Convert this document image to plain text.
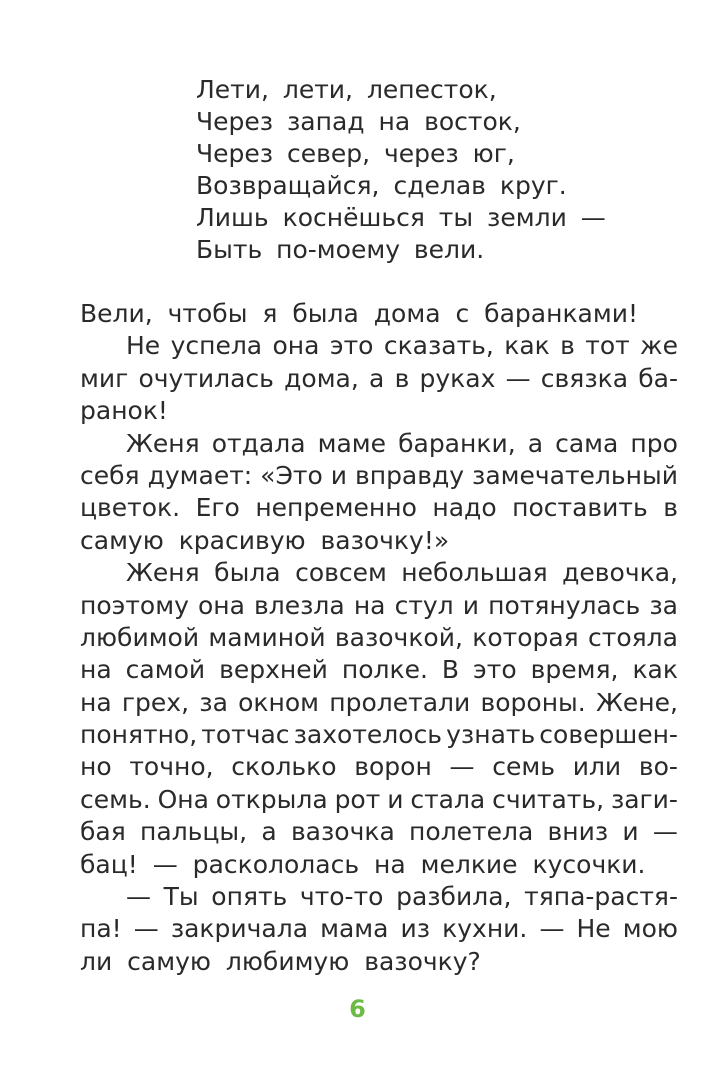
Лети, лети, лепесток,
Через запад на восток,
Через север, через юг,
Возвращайся, сделав круг.
Лишь коснёшься ты земли —
Быть по-моему вели.
Вели, чтобы я была дома с баранками!
Не успела она это сказать, как в тот же
миг очутилась дома, а в руках — связка ба-
ранок!
Женя отдала маме баранки, а сама про
себя думает: «Это и вправду замечательный
цветок. Его непременно надо поставить в
самую красивую вазочку!»
Женя была совсем небольшая девочка,
поэтому она влезла на стул и потянулась за
любимой маминой вазочкой, которая стояла
на самой верхней полке. В это время, как
на грех, за окном пролетали вороны. Жене,
понятно, тотчас захотелось узнать совершен-
но точно, сколько ворон — семь или во-
семь. Она открыла рот и стала считать, заги-
бая пальцы, а вазочка полетела вниз и —
бац! — раскололась на мелкие кусочки.
— Ты опять что-то разбила, тяпа-растя-
па! — закричала мама из кухни. — Не мою
ли самую любимую вазочку?
6
